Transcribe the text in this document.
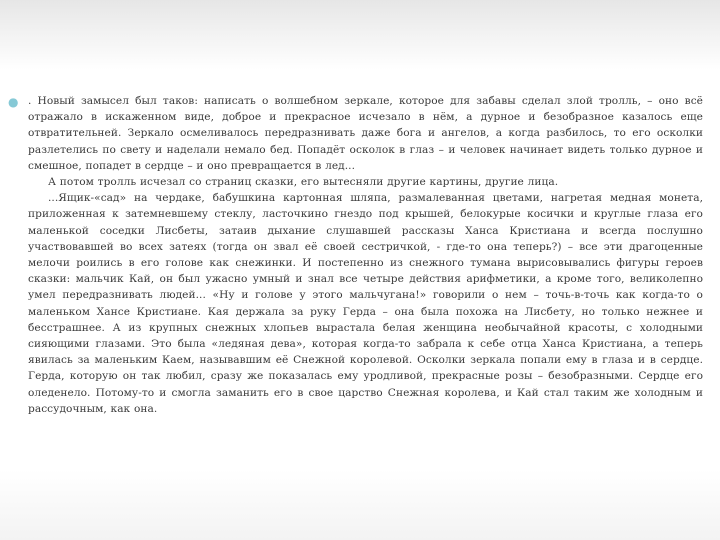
● . Новый замысел был таков: написать о волшебном зеркале, которое для забавы сделал злой тролль, – оно всё отражало в искаженном виде, доброе и прекрасное исчезало в нём, а дурное и безобразное казалось еще отвратительней. Зеркало осмеливалось передразнивать даже бога и ангелов, а когда разбилось, то его осколки разлетелись по свету и наделали немало бед. Попадёт осколок в глаз – и человек начинает видеть только дурное и смешное, попадет в сердце – и оно превращается в лед...

А потом тролль исчезал со страниц сказки, его вытесняли другие картины, другие лица.

...Ящик-«сад» на чердаке, бабушкина картонная шляпа, размалеванная цветами, нагретая медная монета, приложенная к затемневшему стеклу, ласточкино гнездо под крышей, белокурые косички и круглые глаза его маленькой соседки Лисбеты, затаив дыхание слушавшей рассказы Ханса Кристиана и всегда послушно участвовавшей во всех затеях (тогда он звал её своей сестричкой, - где-то она теперь?) – все эти драгоценные мелочи роились в его голове как снежинки. И постепенно из снежного тумана вырисовывались фигуры героев сказки: мальчик Кай, он был ужасно умный и знал все четыре действия арифметики, а кроме того, великолепно умел передразнивать людей... «Ну и голове у этого мальчугана!» говорили о нем – точь-в-точь как когда-то о маленьком Хансе Кристиане. Кая держала за руку Герда – она была похожа на Лисбету, но только нежнее и бесстрашнее. А из крупных снежных хлопьев вырастала белая женщина необычайной красоты, с холодными сияющими глазами. Это была «ледяная дева», которая когда-то забрала к себе отца Ханса Кристиана, а теперь явилась за маленьким Каем, называвшим её Снежной королевой. Осколки зеркала попали ему в глаза и в сердце. Герда, которую он так любил, сразу же показалась ему уродливой, прекрасные розы – безобразными. Сердце его оледенело. Потому-то и смогла заманить его в свое царство Снежная королева, и Кай стал таким же холодным и рассудочным, как она.
